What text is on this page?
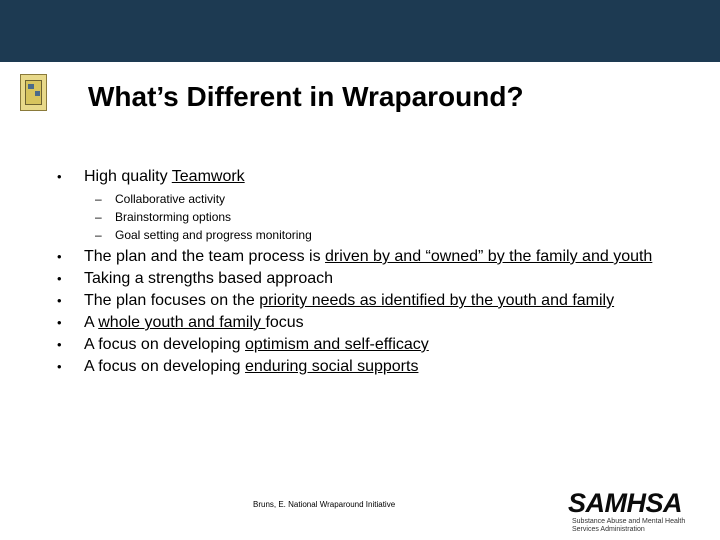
What’s Different in Wraparound?
•	High quality Teamwork
– Collaborative activity
– Brainstorming options
– Goal setting and progress monitoring
•	The plan and the team process is driven by and “owned” by the family and youth
•	Taking a strengths based approach
•	The plan focuses on the priority needs as identified by the youth and family
•	A whole youth and family focus
•	A focus on developing optimism and self-efficacy
•	A focus on developing enduring social supports
Bruns, E. National Wraparound Initiative	SAMHSA
Substance Abuse and Mental Health
Services Administration
